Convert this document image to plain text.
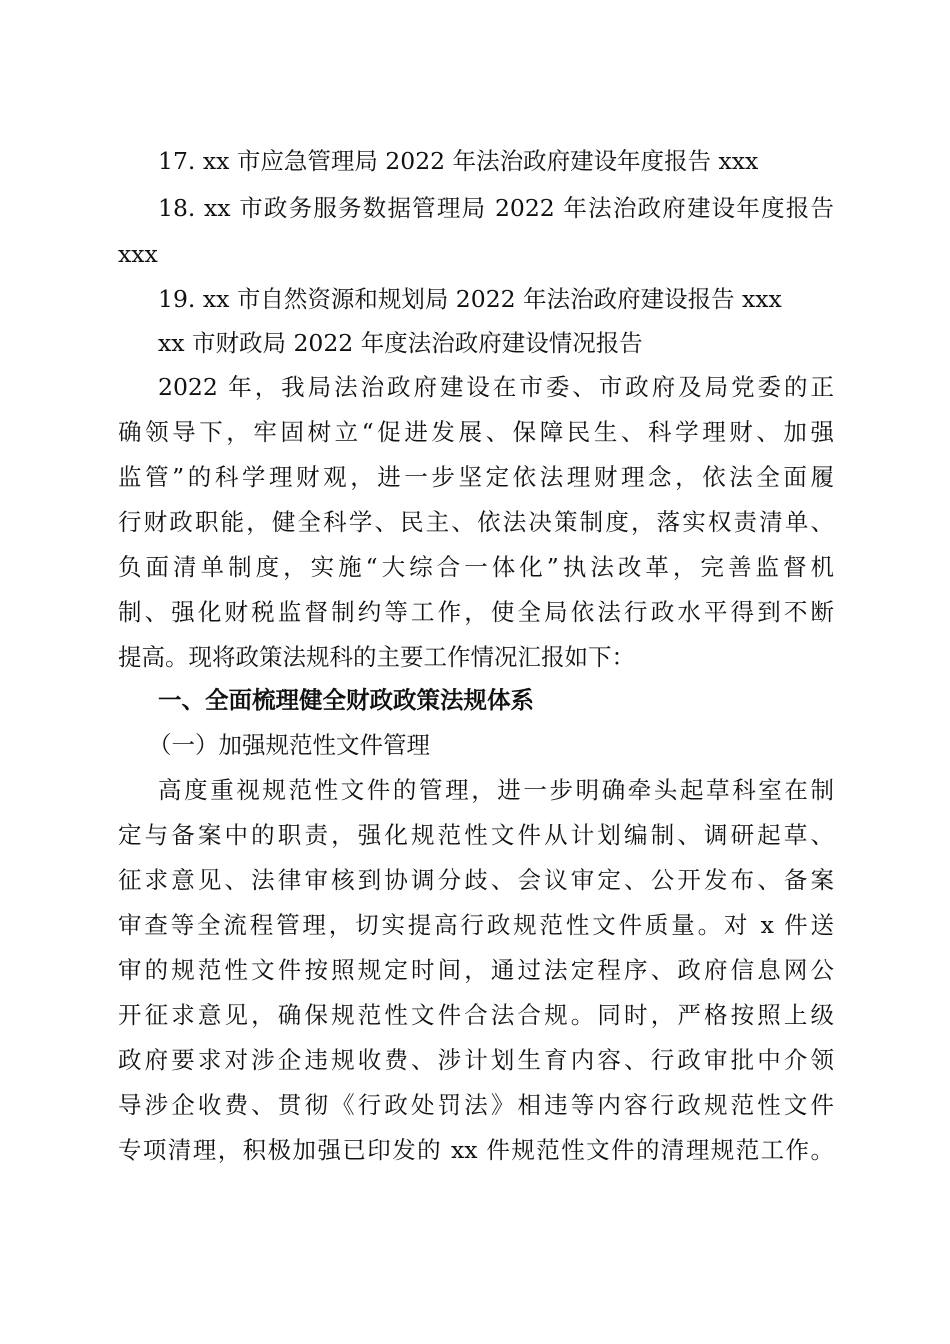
17. xx 市应急管理局 2022 年法治政府建设年度报告 xxx
18. xx 市政务服务数据管理局 2022 年法治政府建设年度报告
xxx
19. xx 市自然资源和规划局 2022 年法治政府建设报告 xxx
xx 市财政局 2022 年度法治政府建设情况报告
2022 年，我局法治政府建设在市委、市政府及局党委的正
确领导下，牢固树立“促进发展、保障民生、科学理财、加强
监管”的科学理财观，进一步坚定依法理财理念，依法全面履
行财政职能，健全科学、民主、依法决策制度，落实权责清单、
负面清单制度，实施“大综合一体化”执法改革，完善监督机
制、强化财税监督制约等工作，使全局依法行政水平得到不断
提高。现将政策法规科的主要工作情况汇报如下：
一、全面梳理健全财政政策法规体系
（一）加强规范性文件管理
高度重视规范性文件的管理，进一步明确牵头起草科室在制
定与备案中的职责，强化规范性文件从计划编制、调研起草、
征求意见、法律审核到协调分歧、会议审定、公开发布、备案
审查等全流程管理，切实提高行政规范性文件质量。对 x 件送
审的规范性文件按照规定时间，通过法定程序、政府信息网公
开征求意见，确保规范性文件合法合规。同时，严格按照上级
政府要求对涉企违规收费、涉计划生育内容、行政审批中介领
导涉企收费、贯彻《行政处罚法》相违等内容行政规范性文件
专项清理，积极加强已印发的 xx 件规范性文件的清理规范工作。
